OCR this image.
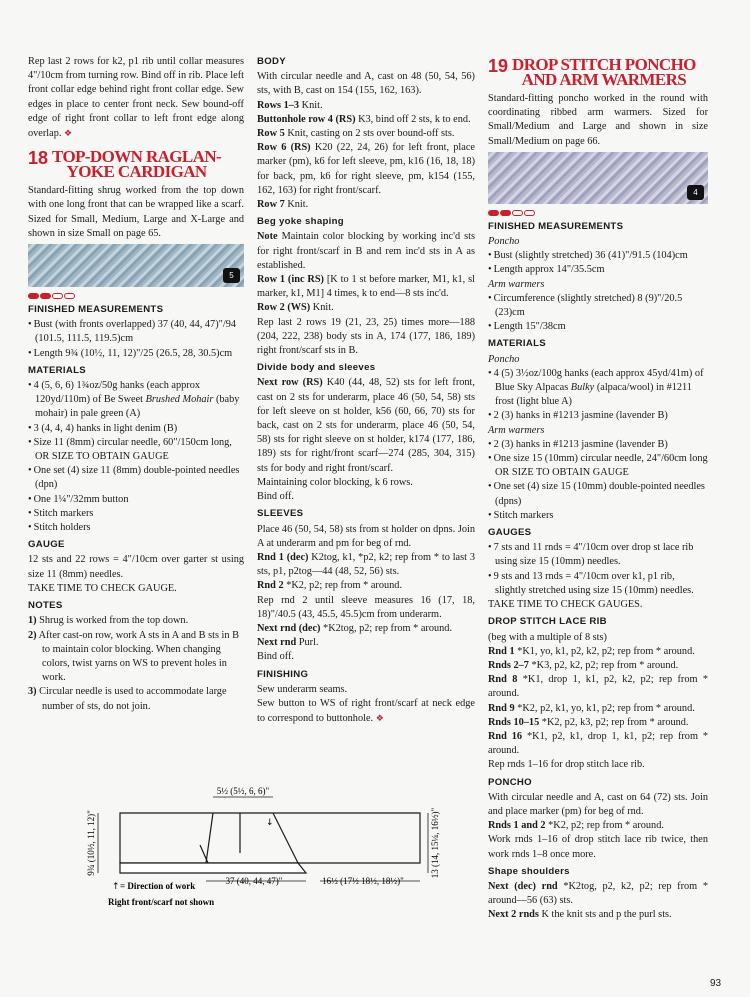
Rep last 2 rows for k2, p1 rib until collar measures 4"/10cm from turning row. Bind off in rib. Place left front collar edge behind right front collar edge. Sew edges in place to center front neck. Sew bound-off edge of right front collar to left front edge along overlap. ❖

18 TOP-DOWN RAGLAN-
YOKE CARDIGAN

Standard-fitting shrug worked from the top down with one long front that can be wrapped like a scarf. Sized for Small, Medium, Large and X-Large and shown in size Small on page 65.

5
FINISHED MEASUREMENTS
• Bust (with fronts overlapped) 37 (40, 44, 47)"/94 (101.5, 111.5, 119.5)cm
• Length 9¾ (10½, 11, 12)"/25 (26.5, 28, 30.5)cm
MATERIALS
• 4 (5, 6, 6) 1¾oz/50g hanks (each approx 120yd/110m) of Be Sweet Brushed Mohair (baby mohair) in pale green (A)
• 3 (4, 4, 4) hanks in light denim (B)
• Size 11 (8mm) circular needle, 60"/150cm long, OR SIZE TO OBTAIN GAUGE
• One set (4) size 11 (8mm) double-pointed needles (dpn)
• One 1¼"/32mm button
• Stitch markers
• Stitch holders
GAUGE

12 sts and 22 rows = 4"/10cm over garter st using size 11 (8mm) needles.

TAKE TIME TO CHECK GAUGE.

NOTES
1) Shrug is worked from the top down.
2) After cast-on row, work A sts in A and B sts in B to maintain color blocking. When changing colors, twist yarns on WS to prevent holes in work.
3) Circular needle is used to accommodate large number of sts, do not join.
BODY

With circular needle and A, cast on 48 (50, 54, 56) sts, with B, cast on 154 (155, 162, 163).

Rows 1–3 Knit.

Buttonhole row 4 (RS) K3, bind off 2 sts, k to end.

Row 5 Knit, casting on 2 sts over bound-off sts.

Row 6 (RS) K20 (22, 24, 26) for left front, place marker (pm), k6 for left sleeve, pm, k16 (16, 18, 18) for back, pm, k6 for right sleeve, pm, k154 (155, 162, 163) for right front/scarf.

Row 7 Knit.

Beg yoke shaping

Note Maintain color blocking by working inc'd sts for right front/scarf in B and rem inc'd sts in A as established.

Row 1 (inc RS) [K to 1 st before marker, M1, k1, sl marker, k1, M1] 4 times, k to end—8 sts inc'd.

Row 2 (WS) Knit.

Rep last 2 rows 19 (21, 23, 25) times more—188 (204, 222, 238) body sts in A, 174 (177, 186, 189) right front/scarf sts in B.

Divide body and sleeves

Next row (RS) K40 (44, 48, 52) sts for left front, cast on 2 sts for underarm, place 46 (50, 54, 58) sts for left sleeve on st holder, k56 (60, 66, 70) sts for back, cast on 2 sts for underarm, place 46 (50, 54, 58) sts for right sleeve on st holder, k174 (177, 186, 189) sts for right/front scarf—274 (285, 304, 315) sts for body and right front/scarf.

Maintaining color blocking, k 6 rows.

Bind off.

SLEEVES

Place 46 (50, 54, 58) sts from st holder on dpns. Join A at underarm and pm for beg of rnd.

Rnd 1 (dec) K2tog, k1, *p2, k2; rep from * to last 3 sts, p1, p2tog—44 (48, 52, 56) sts.

Rnd 2 *K2, p2; rep from * around.

Rep rnd 2 until sleeve measures 16 (17, 18, 18)"/40.5 (43, 45.5, 45.5)cm from underarm.

Next rnd (dec) *K2tog, p2; rep from * around.

Next rnd Purl.

Bind off.

FINISHING

Sew underarm seams.

Sew button to WS of right front/scarf at neck edge to correspond to buttonhole. ❖

19 DROP STITCH PONCHO
AND ARM WARMERS

Standard-fitting poncho worked in the round with coordinating ribbed arm warmers. Sized for Small/Medium and Large and shown in size Small/Medium on page 66.

4
FINISHED MEASUREMENTS

Poncho

• Bust (slightly stretched) 36 (41)"/91.5 (104)cm
• Length approx 14"/35.5cm

Arm warmers

• Circumference (slightly stretched) 8 (9)"/20.5 (23)cm
• Length 15"/38cm
MATERIALS

Poncho

• 4 (5) 3½oz/100g hanks (each approx 45yd/41m) of Blue Sky Alpacas Bulky (alpaca/wool) in #1211 frost (light blue A)
• 2 (3) hanks in #1213 jasmine (lavender B)

Arm warmers

• 2 (3) hanks in #1213 jasmine (lavender B)
• One size 15 (10mm) circular needle, 24"/60cm long OR SIZE TO OBTAIN GAUGE
• One set (4) size 15 (10mm) double-pointed needles (dpns)
• Stitch markers
GAUGES
• 7 sts and 11 rnds = 4"/10cm over drop st lace rib using size 15 (10mm) needles.
• 9 sts and 13 rnds = 4"/10cm over k1, p1 rib, slightly stretched using size 15 (10mm) needles.

TAKE TIME TO CHECK GAUGES.

DROP STITCH LACE RIB

(beg with a multiple of 8 sts)

Rnd 1 *K1, yo, k1, p2, k2, p2; rep from * around.

Rnds 2–7 *K3, p2, k2, p2; rep from * around.

Rnd 8 *K1, drop 1, k1, p2, k2, p2; rep from * around.

Rnd 9 *K2, p2, k1, yo, k1, p2; rep from * around.

Rnds 10–15 *K2, p2, k3, p2; rep from * around.

Rnd 16 *K1, p2, k1, drop 1, k1, p2; rep from * around.

Rep rnds 1–16 for drop stitch lace rib.

PONCHO

With circular needle and A, cast on 64 (72) sts. Join and place marker (pm) for beg of rnd.

Rnds 1 and 2 *K2, p2; rep from * around.

Work rnds 1–16 of drop stitch lace rib twice, then work rnds 1–8 once more.

Shape shoulders

Next (dec) rnd *K2tog, p2, k2, p2; rep from * around—56 (63) sts.

Next 2 rnds K the knit sts and p the purl sts.

5½ (5½, 6, 6)"
9¾ (10½, 11, 12)"	13 (14, 15¼, 16½)"
37 (40, 44, 47)"	16½ (17½ 18½, 18½)"
↓
↑ = Direction of work
Right front/scarf not shown
93
